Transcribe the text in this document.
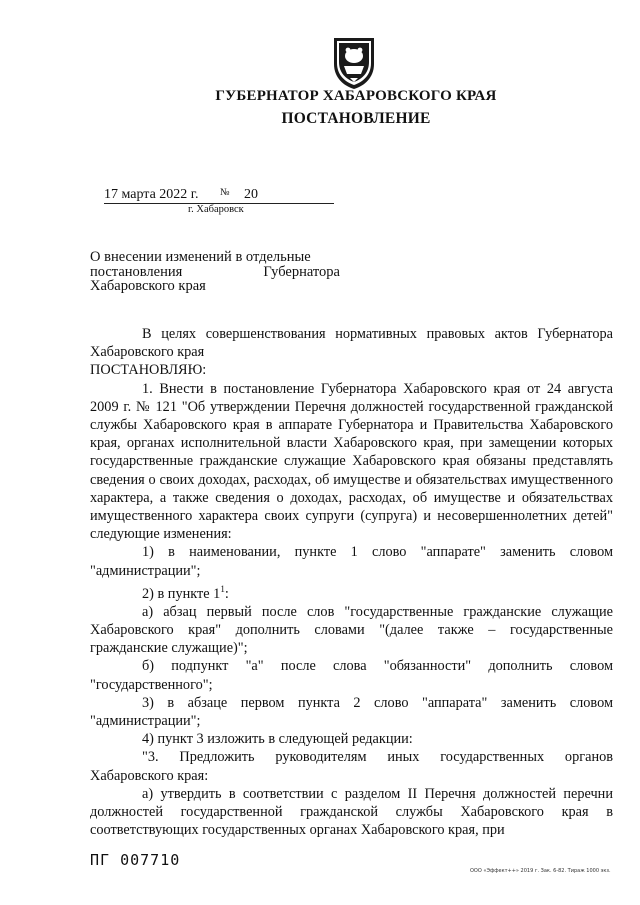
ГУБЕРНАТОР ХАБАРОВСКОГО КРАЯ
ПОСТАНОВЛЕНИЕ
17 марта 2022 г. № 20
г. Хабаровск
О внесении изменений в отдельные
постановления	Губернатора
Хабаровского края

В целях совершенствования нормативных правовых актов Губернатора Хабаровского края

ПОСТАНОВЛЯЮ:

1. Внести в постановление Губернатора Хабаровского края от 24 августа 2009 г. № 121 "Об утверждении Перечня должностей государственной гражданской службы Хабаровского края в аппарате Губернатора и Правительства Хабаровского края, органах исполнительной власти Хабаровского края, при замещении которых государственные гражданские служащие Хабаровского края обязаны представлять сведения о своих доходах, расходах, об имуществе и обязательствах имущественного характера, а также сведения о доходах, расходах, об имуществе и обязательствах имущественного характера своих супруги (супруга) и несовершеннолетних детей" следующие изменения:

1) в наименовании, пункте 1 слово "аппарате" заменить словом "администрации";

2) в пункте $1^1$:

а) абзац первый после слов "государственные гражданские служащие Хабаровского края" дополнить словами "(далее также – государственные гражданские служащие)";

б) подпункт "а" после слова "обязанности" дополнить словом "государственного";

3) в абзаце первом пункта 2 слово "аппарата" заменить словом "администрации";

4) пункт 3 изложить в следующей редакции:

"3. Предложить руководителям иных государственных органов Хабаровского края:

а) утвердить в соответствии с разделом II Перечня должностей перечни должностей государственной гражданской службы Хабаровского края в соответствующих государственных органах Хабаровского края, при

ПГ 007710
ООО «Эффект++» 2019 г. Зак. 6-82. Тираж 1000 экз.
